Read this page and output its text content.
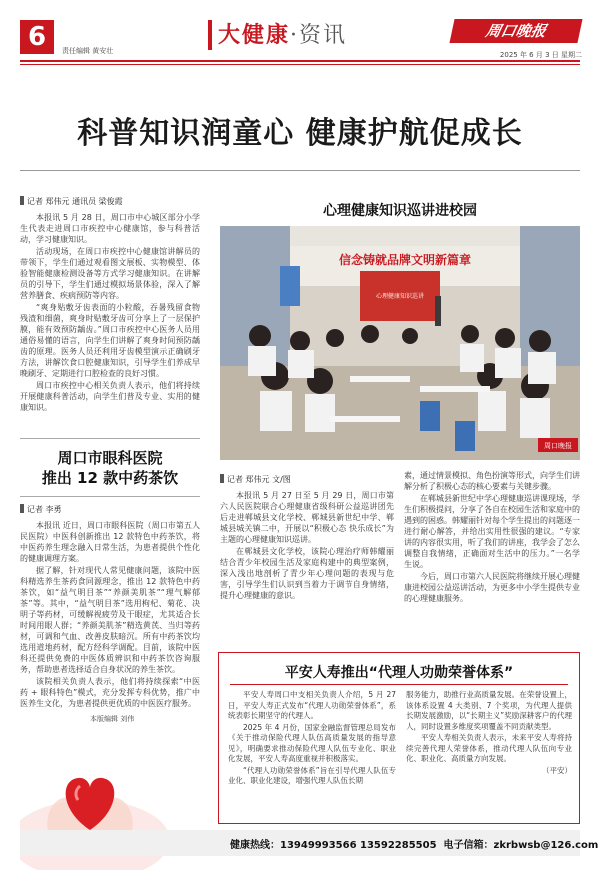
6	责任编辑 黄安壮
大健康·资讯	周口晚报
2025 年 6 月 3 日 星期二
科普知识润童心 健康护航促成长
记者 郑伟元 通讯员 梁俊霞

本报讯 5 月 28 日，周口市中心城区部分小学生代表走进周口市疾控中心健康馆，参与科普活动，学习健康知识。

活动现场，在周口市疾控中心健康馆讲解员的带领下，学生们通过观看图文展板、实物模型、体验智能健康检测设备等方式学习健康知识。在讲解员的引导下，学生们通过模拟场景体验，深入了解营养膳食、疾病预防等内容。

“爽身贴敷牙齿表面的小粒酸，吞暑残留食物残渣和细菌，爽身时贴敷牙齿可分享上了一层保护膜，能有效预防龋齿。”周口市疾控中心医务人员用通俗易懂的语言，向学生们讲解了爽身时间预防龋齿的原理。医务人员还利用牙齿模型演示正确刷牙方法，讲解饮食口腔健康知识，引导学生们养成早晚刷牙、定期进行口腔检查的良好习惯。

周口市疾控中心相关负责人表示，他们将持续开展健康科普活动，向学生们普及专业、实用的健康知识。

周口市眼科医院
推出 12 款中药茶饮
记者 李勇

本报讯 近日，周口市眼科医院（周口市第五人民医院）中医科创新推出 12 款特色中药茶饮，将中医药养生理念融入日常生活，为患者提供个性化的健康调理方案。

据了解，针对现代人常见健康问题，该院中医科精选养生茶药食同源理念，推出 12 款特色中药茶饮，如“益气明目茶”“养颜美肌茶”“理气解郁茶”等。其中，“益气明目茶”选用枸杞、菊花、决明子等药材，可缓解视疲劳及干眼症，尤其适合长时间用眼人群；“养颜美肌茶”精选黄芪、当归等药材，可调和气血、改善皮肤暗沉。所有中药茶饮均选用道地药材，配方经科学调配。目前，该院中医科还提供免费的中医体质辨识和中药茶饮咨询服务，帮助患者选择适合自身状况的养生茶饮。

该院相关负责人表示，他们将持续探索“中医药 + 眼科特色”模式，充分发挥专科优势，推广中医养生文化，为患者提供更优质的中医医疗服务。

本版编辑 刘伟
心理健康知识巡讲进校园
信念铸就品牌文明新篇章
心理健康知识巡讲
周口晚报
记者 郑伟元 文/图

本报讯 5 月 27 日至 5 月 29 日，周口市第六人民医院联合心理健康省级科研公益巡讲团先后走进郸城县文化学校、郸城县新世纪中学、郸城县城关镇二中，开展以“积极心态 快乐成长”为主题的心理健康知识巡讲。

在郸城县文化学校，该院心理治疗师韩耀丽结合青少年校园生活及家庭构建中的典型案例，深入浅出地剖析了青少年心理问题的表现与危害，引导学生们认识到当着力于调节自身情绪，提升心理健康的意识。

素，通过情景模拟、角色扮演等形式，向学生们讲解分析了积极心态的核心要素与关键步骤。

在郸城县新世纪中学心理健康巡讲课现场，学生们积极提问，分享了各自在校园生活和家庭中的遇到的困惑。韩耀丽针对每个学生提出的问题逐一进行耐心解答，并给出实用性很强的建议。“专家讲的内容很实用，听了我们的讲座，我学会了怎么调整自我情绪，正确面对生活中的压力。”一名学生说。

今后，周口市第六人民医院将继续开展心理健康进校园公益巡讲活动，为更多中小学生提供专业的心理健康服务。

平安人寿推出“代理人功勋荣誉体系”

平安人寿周口中支相关负责人介绍，5 月 27 日，平安人寿正式发布“代理人功勋荣誉体系”，系统表彰长期坚守的代理人。

2025 年 4 月份，国家金融监督管理总局发布《关于推动保险代理人队伍高质量发展的指导意见》，明确要求推动保险代理人队伍专业化、职业化发展，平安人寿高度重视并积极落实。

“代理人功勋荣誉体系”旨在引导代理人队伍专业化、职业化建设，增强代理人队伍长期

服务能力，助推行业高质量发展。在荣誉设置上，该体系设置 4 大类别、7 个奖项，为代理人提供长期发展激励，以“长期主义”奖励深耕客户的代理人，同时设置多维度奖项覆盖不同贡献类型。

平安人寿相关负责人表示，未来平安人寿将持续完善代理人荣誉体系，推动代理人队伍向专业化、职业化、高质量方向发展。

（平安）

健康热线：13949993566 13592285505 电子信箱：zkrbwsb@126.com
